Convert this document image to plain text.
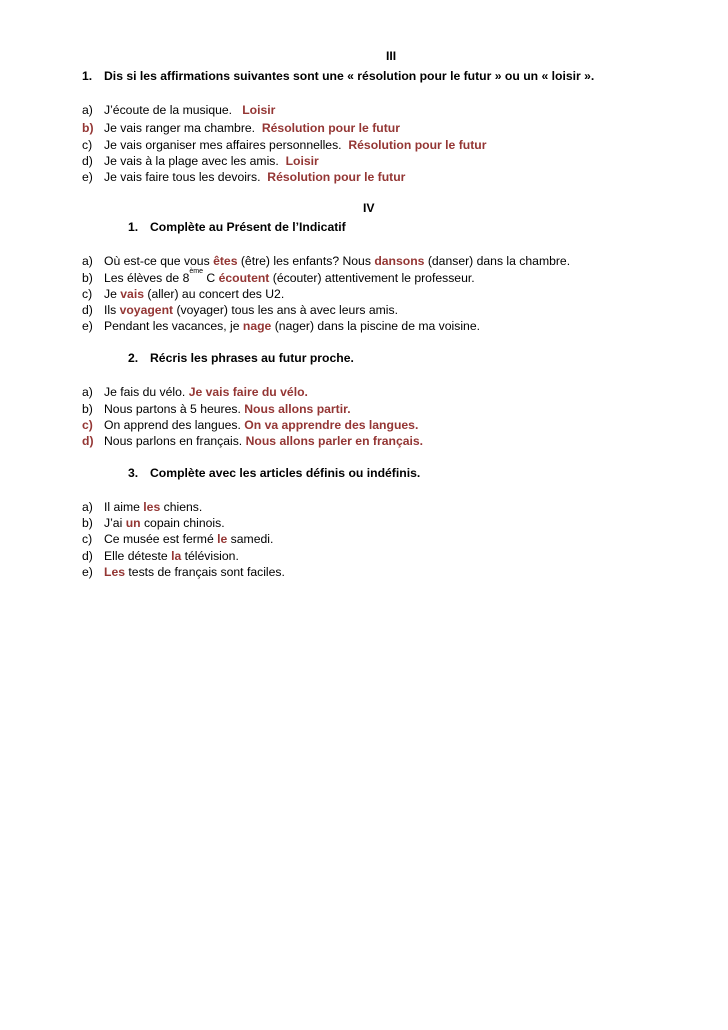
III
1. Dis si les affirmations suivantes sont une « résolution pour le futur » ou un « loisir ».
a) J’écoute de la musique. Loisir
b) Je vais ranger ma chambre. Résolution pour le futur
c) Je vais organiser mes affaires personnelles. Résolution pour le futur
d) Je vais à la plage avec les amis. Loisir
e) Je vais faire tous les devoirs. Résolution pour le futur
IV
1. Complète au Présent de l’Indicatif
a) Où est-ce que vous êtes (être) les enfants? Nous dansons (danser) dans la chambre.
b) Les élèves de 8ème C écoutent (écouter) attentivement le professeur.
c) Je vais (aller) au concert des U2.
d) Ils voyagent (voyager) tous les ans à avec leurs amis.
e) Pendant les vacances, je nage (nager) dans la piscine de ma voisine.
2. Récris les phrases au futur proche.
a) Je fais du vélo. Je vais faire du vélo.
b) Nous partons à 5 heures. Nous allons partir.
c) On apprend des langues. On va apprendre des langues.
d) Nous parlons en français. Nous allons parler en français.
3. Complète avec les articles définis ou indéfinis.
a) Il aime les chiens.
b) J’ai un copain chinois.
c) Ce musée est fermé le samedi.
d) Elle déteste la télévision.
e) Les tests de français sont faciles.
